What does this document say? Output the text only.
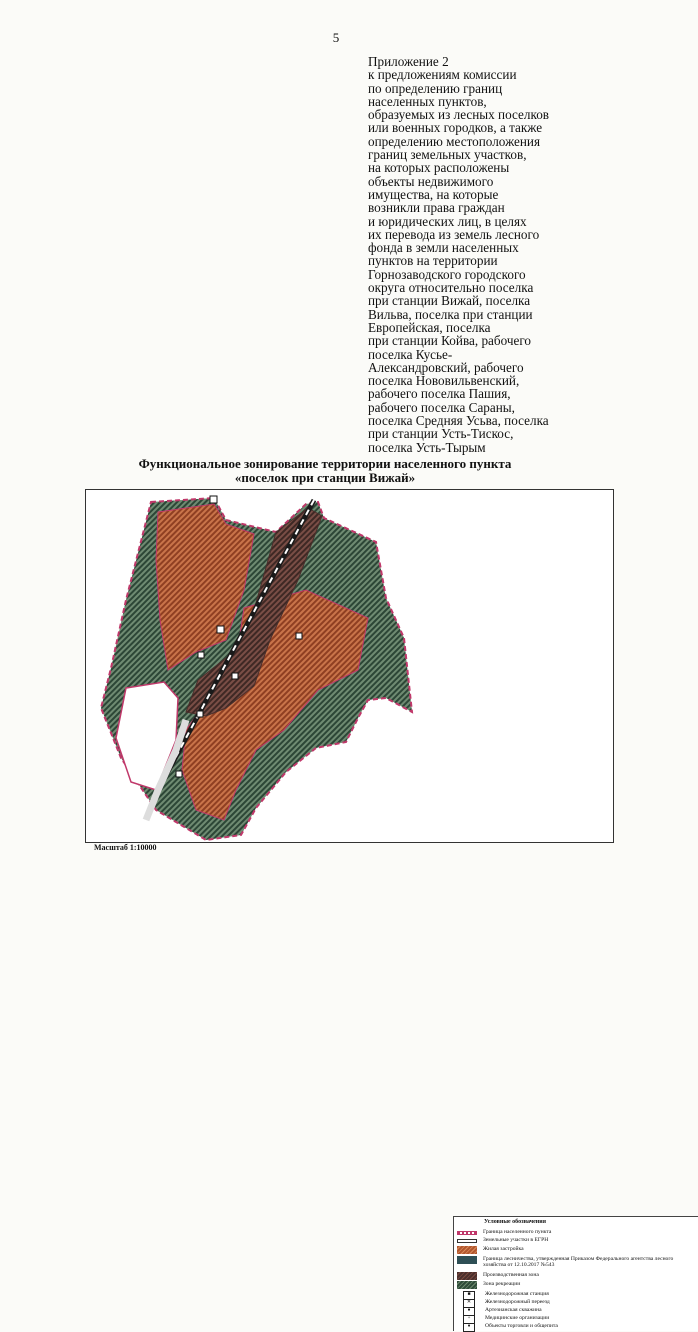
5
Приложение 2
к предложениям комиссии
по определению границ
населенных пунктов,
образуемых из лесных поселков
или военных городков, а также
определению местоположения
границ земельных участков,
на которых расположены
объекты недвижимого
имущества, на которые
возникли права граждан
и юридических лиц, в целях
их перевода из земель лесного
фонда в земли населенных
пунктов на территории
Горнозаводского городского
округа относительно поселка
при станции Вижай, поселка
Вильва, поселка при станции
Европейская, поселка
при станции Койва, рабочего
поселка Кусье-
Александровский, рабочего
поселка Нововильвенский,
рабочего поселка Пашия,
рабочего поселка Сараны,
поселка Средняя Усьва, поселка
при станции Усть-Тискос,
поселка Усть-Тырым
Функциональное зонирование территории населенного пункта
«поселок при станции Вижай»
Условные обозначения
Граница населенного пункта
Земельные участки в ЕГРН
Жилая застройка
Граница лесничества, утвержденная Приказом Федерального агентства лесного хозяйства от 12.10.2017 №543
Производственная зона
Зона рекреации
■	Железнодорожная станция
✕	Железнодорожный переезд
●	Артезианская скважина
+	Медицинские организации
♦	Объекты торговли и общепита
Масштаб 1:10000
